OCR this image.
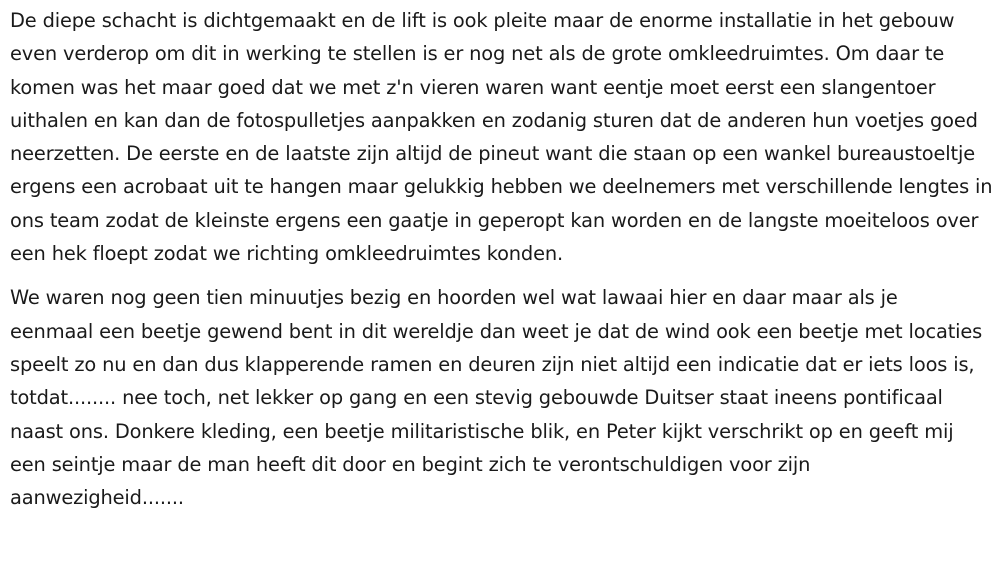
De diepe schacht is dichtgemaakt en de lift is ook pleite maar de enorme installatie in het gebouw
even verderop om dit in werking te stellen is er nog net als de grote omkleedruimtes. Om daar te
komen was het maar goed dat we met z'n vieren waren want eentje moet eerst een slangentoer
uithalen en kan dan de fotospulletjes aanpakken en zodanig sturen dat de anderen hun voetjes goed
neerzetten. De eerste en de laatste zijn altijd de pineut want die staan op een wankel bureaustoeltje
ergens een acrobaat uit te hangen maar gelukkig hebben we deelnemers met verschillende lengtes in
ons team zodat de kleinste ergens een gaatje in geperopt kan worden en de langste moeiteloos over
een hek floept zodat we richting omkleedruimtes konden.
We waren nog geen tien minuutjes bezig en hoorden wel wat lawaai hier en daar maar als je
eenmaal een beetje gewend bent in dit wereldje dan weet je dat de wind ook een beetje met locaties
speelt zo nu en dan dus klapperende ramen en deuren zijn niet altijd een indicatie dat er iets loos is,
totdat........ nee toch, net lekker op gang en een stevig gebouwde Duitser staat ineens pontificaal
naast ons. Donkere kleding, een beetje militaristische blik, en Peter kijkt verschrikt op en geeft mij
een seintje maar de man heeft dit door en begint zich te verontschuldigen voor zijn
aanwezigheid.......
